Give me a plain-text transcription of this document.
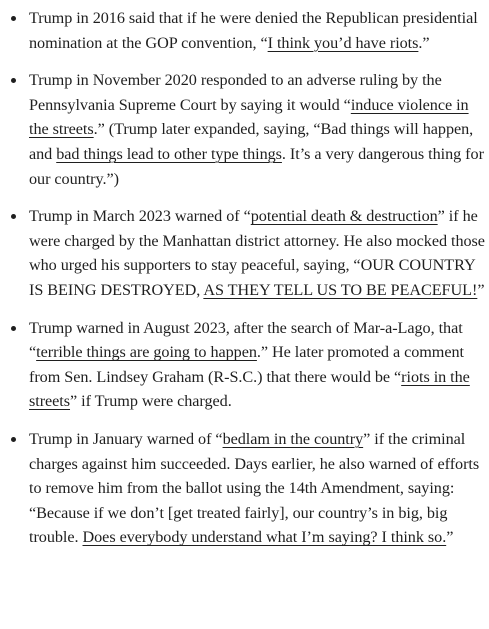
Trump in 2016 said that if he were denied the Republican presidential nomination at the GOP convention, “I think you’d have riots.”
Trump in November 2020 responded to an adverse ruling by the Pennsylvania Supreme Court by saying it would “induce violence in the streets.” (Trump later expanded, saying, “Bad things will happen, and bad things lead to other type things. It’s a very dangerous thing for our country.”)
Trump in March 2023 warned of “potential death & destruction” if he were charged by the Manhattan district attorney. He also mocked those who urged his supporters to stay peaceful, saying, “OUR COUNTRY IS BEING DESTROYED, AS THEY TELL US TO BE PEACEFUL!”
Trump warned in August 2023, after the search of Mar-a-Lago, that “terrible things are going to happen.” He later promoted a comment from Sen. Lindsey Graham (R-S.C.) that there would be “riots in the streets” if Trump were charged.
Trump in January warned of “bedlam in the country” if the criminal charges against him succeeded. Days earlier, he also warned of efforts to remove him from the ballot using the 14th Amendment, saying: “Because if we don’t [get treated fairly], our country’s in big, big trouble. Does everybody understand what I’m saying? I think so.”
